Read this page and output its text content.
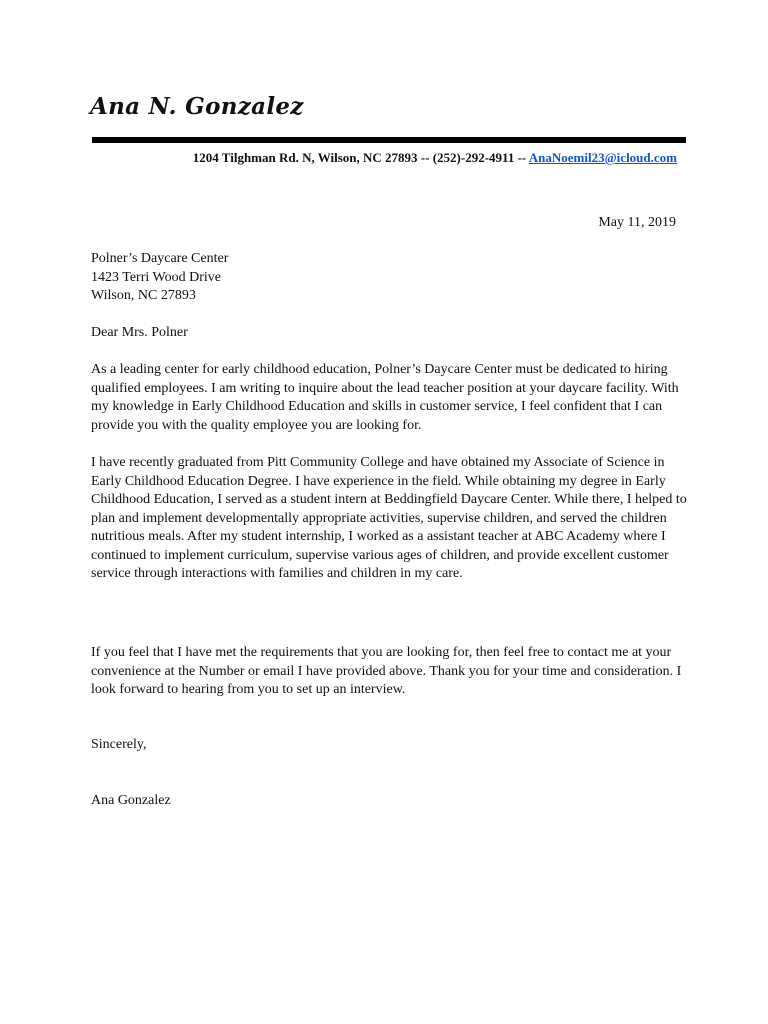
Ana N. Gonzalez
1204 Tilghman Rd. N, Wilson, NC 27893 -- (252)-292-4911 -- AnaNoemil23@icloud.com
May 11, 2019
Polner’s Daycare Center
1423 Terri Wood Drive
Wilson, NC 27893

Dear Mrs. Polner

As a leading center for early childhood education, Polner’s Daycare Center must be dedicated to hiring qualified employees. I am writing to inquire about the lead teacher position at your daycare facility. With my knowledge in Early Childhood Education and skills in customer service, I feel confident that I can provide you with the quality employee you are looking for.

I have recently graduated from Pitt Community College and have obtained my Associate of Science in Early Childhood Education Degree. I have experience in the field. While obtaining my degree in Early Childhood Education, I served as a student intern at Beddingfield Daycare Center. While there, I helped to plan and implement developmentally appropriate activities, supervise children, and served the children nutritious meals. After my student internship, I worked as a assistant teacher at ABC Academy where I continued to implement curriculum, supervise various ages of children, and provide excellent customer service through interactions with families and children in my care.

If you feel that I have met the requirements that you are looking for, then feel free to contact me at your convenience at the Number or email I have provided above. Thank you for your time and consideration. I look forward to hearing from you to set up an interview.

Sincerely,

Ana Gonzalez
